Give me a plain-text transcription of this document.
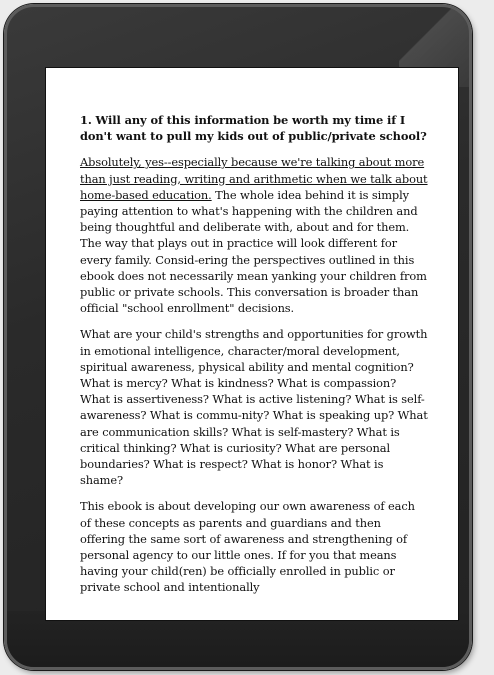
1. Will any of this information be worth my time if I don't want to pull my kids out of public/private school?

Absolutely, yes--especially because we're talking about more than just reading, writing and arithmetic when we talk about home-based education. The whole idea behind it is simply paying attention to what's happening with the children and being thoughtful and deliberate with, about and for them. The way that plays out in practice will look different for every family. Consid-ering the perspectives outlined in this ebook does not necessarily mean yanking your children from public or private schools. This conversation is broader than official "school enrollment" decisions.

What are your child's strengths and opportunities for growth in emotional intelligence, character/moral development, spiritual awareness, physical ability and mental cognition? What is mercy? What is kindness? What is compassion? What is assertiveness? What is active listening? What is self-awareness? What is commu-nity? What is speaking up? What are communication skills? What is self-mastery? What is critical thinking? What is curiosity? What are personal boundaries? What is respect? What is honor? What is shame?

This ebook is about developing our own awareness of each of these concepts as parents and guardians and then offering the same sort of awareness and strengthening of personal agency to our little ones. If for you that means having your child(ren) be officially enrolled in public or private school and intentionally
